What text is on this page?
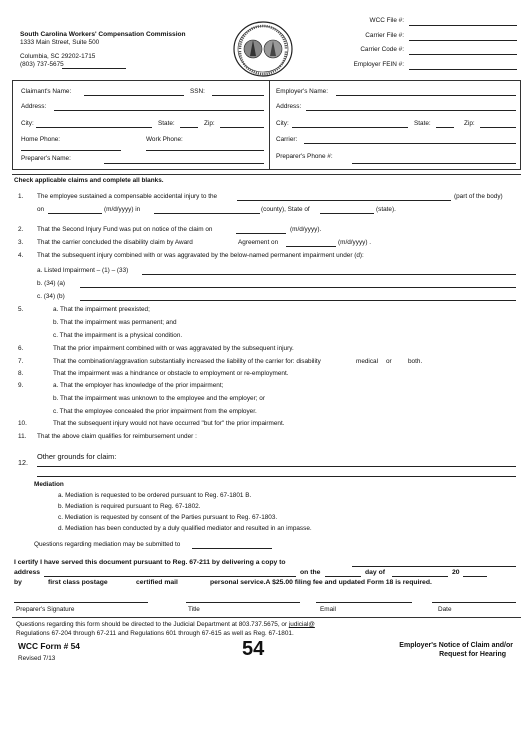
South Carolina Workers' Compensation Commission
1333 Main Street, Suite 500
Columbia, SC 29202-1715
(803) 737-5675
WCC File #:
Carrier File #:
Carrier Code #:
Employer FEIN #:
Claimant's Name:	SSN:
Address:
City:	State:	Zip:
Home Phone:	Work Phone:
Preparer's Name:
Employer's Name:
Address:
City:	State:	Zip:
Carrier:
Preparer's Phone #:
Check applicable claims and complete all blanks.
1. The employee sustained a compensable accidental injury to the	(part of the body)
on	(m/d/yyyy) in	(county), State of	(state).
2. That the Second Injury Fund was put on notice of the claim on	(m/d/yyyy).
3. That the carrier concluded the disability claim by Award	Agreement on	(m/d/yyyy) .
4. That the subsequent injury combined with or was aggravated by the below-named permanent impairment under (d):
a. Listed Impairment – (1) – (33)
b. (34) (a)
c. (34) (b)
5.	a. That the impairment preexisted;
b. That the impairment was permanent; and
c. That the impairment is a physical condition.
6.	That the prior impairment combined with or was aggravated by the subsequent injury.
7.	That the combination/aggravation substantially increased the liability of the carrier for: disability	medical or	both.
8.	That the impairment was a hindrance or obstacle to employment or re-employment.
9.	a. That the employer has knowledge of the prior impairment;
b. That the impairment was unknown to the employee and the employer; or
c. That the employee concealed the prior impairment from the employer.
10.	That the subsequent injury would not have occurred "but for" the prior impairment.
11. That the above claim qualifies for reimbursement under :
12.
Other grounds for claim:
Mediation
a. Mediation is requested to be ordered pursuant to Reg. 67-1801 B.
b. Mediation is required pursuant to Reg. 67-1802.
c. Mediation is requested by consent of the Parties pursuant to Reg. 67-1803.
d. Mediation has been conducted by a duly qualified mediator and resulted in an impasse.
Questions regarding mediation may be submitted to
I certify I have served this document pursuant to Reg. 67-211 by delivering a copy to
address	on the	day of	20
by	first class postage	certified mail	personal service.A $25.00 filing fee and updated Form 18 is required.
Preparer's Signature	Title	Email	Date
Questions regarding this form should be directed to the Judicial Department at 803.737.5675, or judicial@
Regulations 67-204 through 67-211 and Regulations 601 through 67-615 as well as Reg. 67-1801.
WCC Form # 54
Revised 7/13	54	Employer's Notice of Claim and/or
Request for Hearing
